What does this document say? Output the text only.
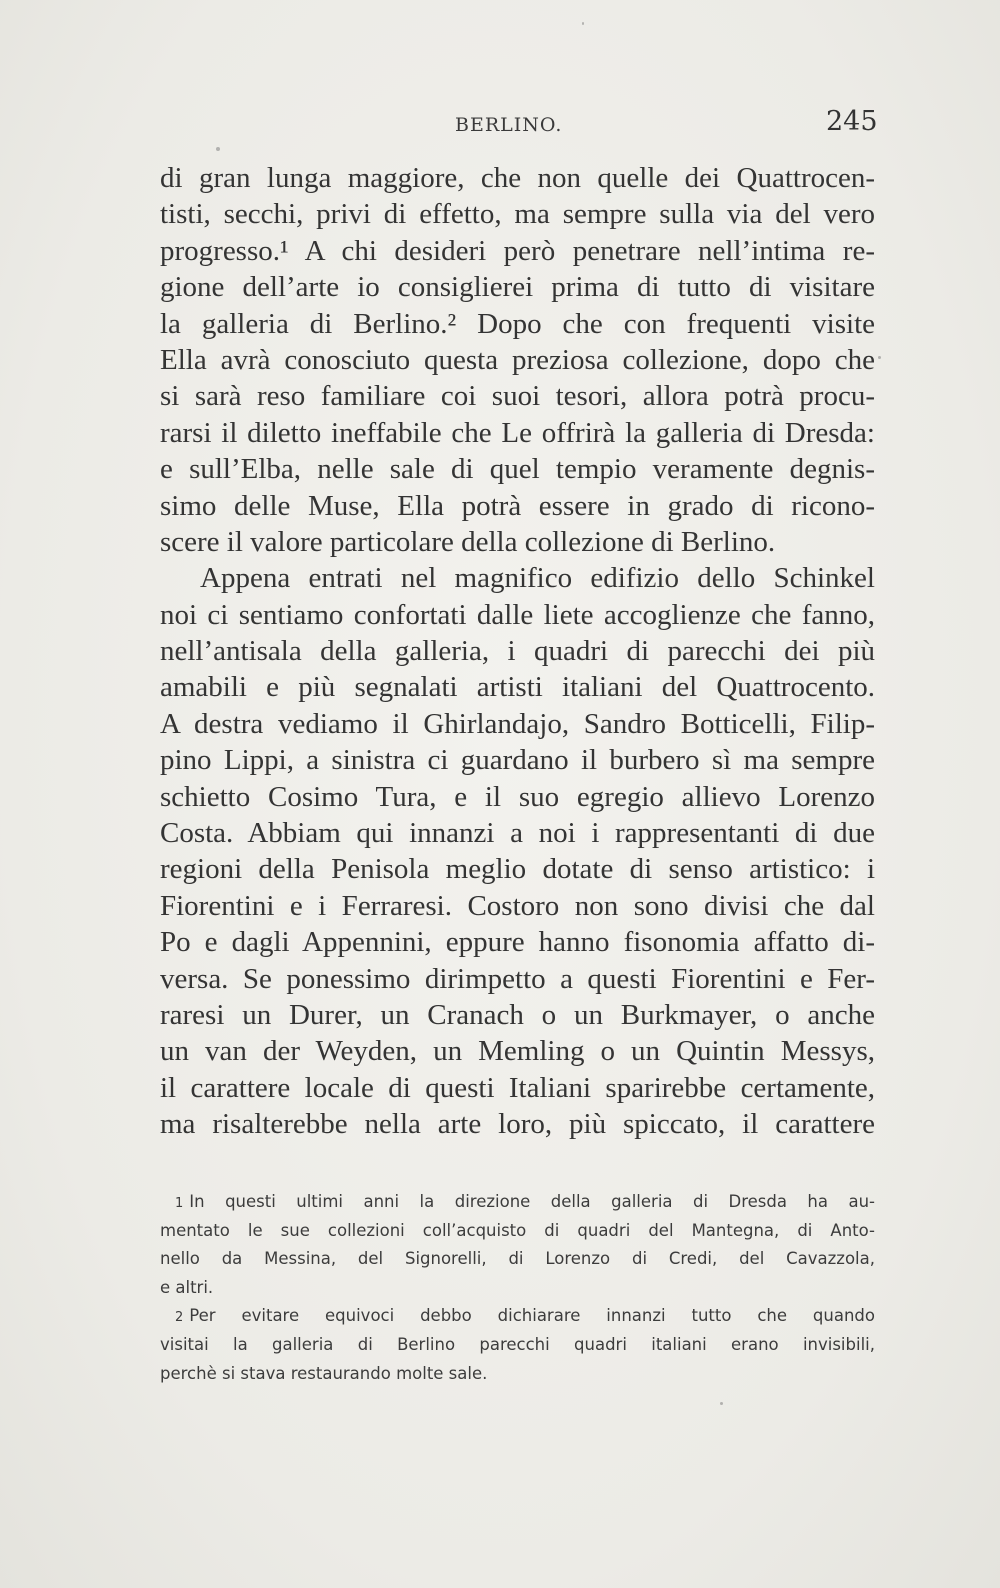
BERLINO.	245
di gran lunga maggiore, che non quelle dei Quattrocen-
tisti, secchi, privi di effetto, ma sempre sulla via del vero
progresso.¹ A chi desideri però penetrare nell’intima re-
gione dell’arte io consiglierei prima di tutto di visitare
la galleria di Berlino.² Dopo che con frequenti visite
Ella avrà conosciuto questa preziosa collezione, dopo che
si sarà reso familiare coi suoi tesori, allora potrà procu-
rarsi il diletto ineffabile che Le offrirà la galleria di Dresda:
e sull’Elba, nelle sale di quel tempio veramente degnis-
simo delle Muse, Ella potrà essere in grado di ricono-
scere il valore particolare della collezione di Berlino.
Appena entrati nel magnifico edifizio dello Schinkel
noi ci sentiamo confortati dalle liete accoglienze che fanno,
nell’antisala della galleria, i quadri di parecchi dei più
amabili e più segnalati artisti italiani del Quattrocento.
A destra vediamo il Ghirlandajo, Sandro Botticelli, Filip-
pino Lippi, a sinistra ci guardano il burbero sì ma sempre
schietto Cosimo Tura, e il suo egregio allievo Lorenzo
Costa. Abbiam qui innanzi a noi i rappresentanti di due
regioni della Penisola meglio dotate di senso artistico: i
Fiorentini e i Ferraresi. Costoro non sono divisi che dal
Po e dagli Appennini, eppure hanno fisonomia affatto di-
versa. Se ponessimo dirimpetto a questi Fiorentini e Fer-
raresi un Durer, un Cranach o un Burkmayer, o anche
un van der Weyden, un Memling o un Quintin Messys,
il carattere locale di questi Italiani sparirebbe certamente,
ma risalterebbe nella arte loro, più spiccato, il carattere
1 In questi ultimi anni la direzione della galleria di Dresda ha au-
mentato le sue collezioni coll’acquisto di quadri del Mantegna, di Anto-
nello da Messina, del Signorelli, di Lorenzo di Credi, del Cavazzola,
e altri.
2 Per evitare equivoci debbo dichiarare innanzi tutto che quando
visitai la galleria di Berlino parecchi quadri italiani erano invisibili,
perchè si stava restaurando molte sale.
